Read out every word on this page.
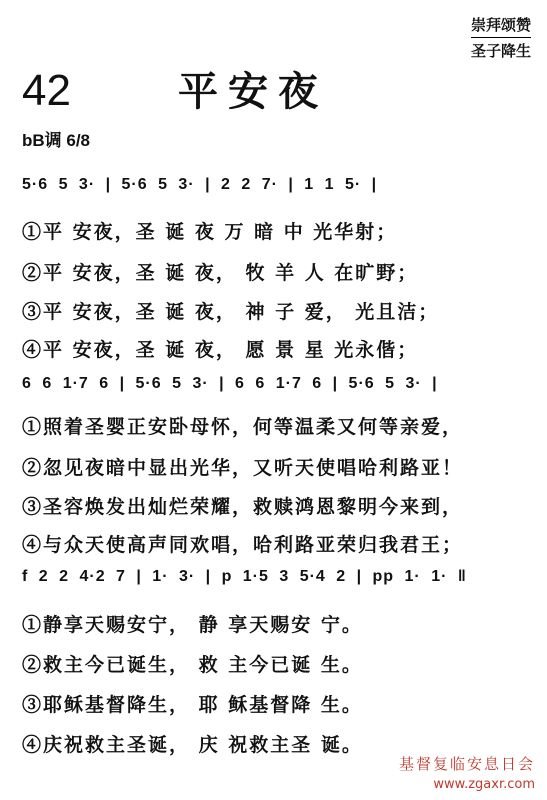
崇拜颂赞
圣子降生
42	平安夜
bB调 6/8
5·6 5 3· | 5·6 5 3· | 2 2 7· | 1 1 5· |
①平 安夜，圣 诞 夜 万 暗 中 光华射；
②平 安夜，圣 诞 夜， 牧 羊 人 在旷野；
③平 安夜，圣 诞 夜， 神 子 爱， 光且洁；
④平 安夜，圣 诞 夜， 愿 景 星 光永偕；
6 6 1·7 6 | 5·6 5 3· | 6 6 1·7 6 | 5·6 5 3· |
①照着圣婴正安卧母怀，何等温柔又何等亲爱，
②忽见夜暗中显出光华，又听天使唱哈利路亚！
③圣容焕发出灿烂荣耀，救赎鸿恩黎明今来到，
④与众天使高声同欢唱，哈利路亚荣归我君王；
f 2 2 4·2 7 | 1· 3· | p 1·5 3 5·4 2 | pp 1· 1· ‖
①静享天赐安宁， 静 享天赐安 宁。
②救主今已诞生， 救 主今已诞 生。
③耶稣基督降生， 耶 稣基督降 生。
④庆祝救主圣诞， 庆 祝救主圣 诞。
基督复临安息日会
www.zgaxr.com
